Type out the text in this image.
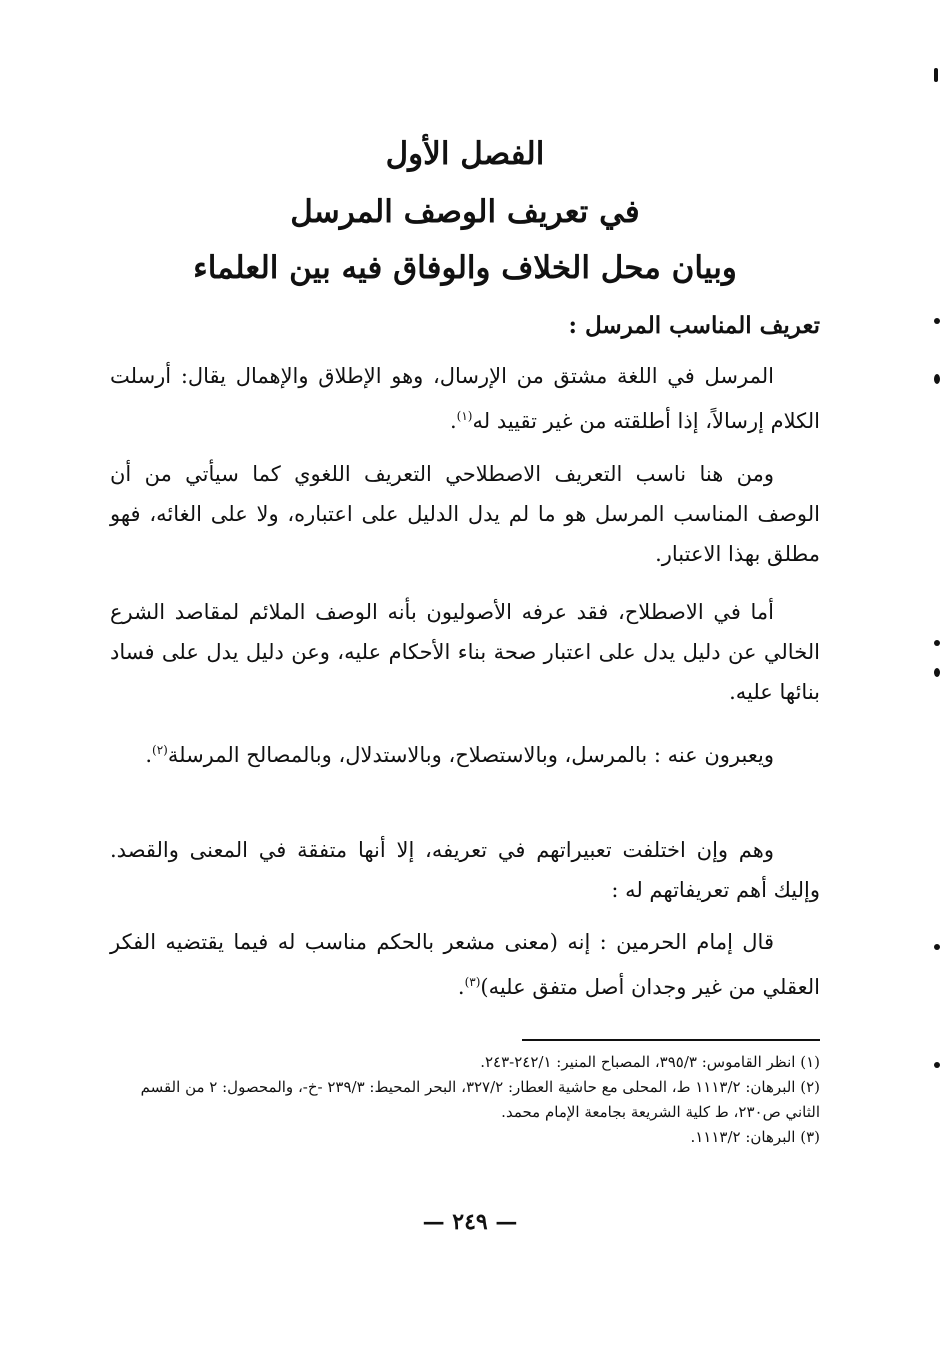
الفصل الأول
في تعريف الوصف المرسل
وبيان محل الخلاف والوفاق فيه بين العلماء
تعريف المناسب المرسل :
المرسل في اللغة مشتق من الإرسال، وهو الإطلاق والإهمال يقال: أرسلت الكلام إرسالاً، إذا أطلقته من غير تقييد له$^{(١)}$.
ومن هنا ناسب التعريف الاصطلاحي التعريف اللغوي كما سيأتي من أن الوصف المناسب المرسل هو ما لم يدل الدليل على اعتباره، ولا على الغائه، فهو مطلق بهذا الاعتبار.
أما في الاصطلاح، فقد عرفه الأصوليون بأنه الوصف الملائم لمقاصد الشرع الخالي عن دليل يدل على اعتبار صحة بناء الأحكام عليه، وعن دليل يدل على فساد بنائها عليه.
ويعبرون عنه : بالمرسل، وبالاستصلاح، وبالاستدلال، وبالمصالح المرسلة$^{(٢)}$.
وهم وإن اختلفت تعبيراتهم في تعريفه، إلا أنها متفقة في المعنى والقصد. وإليك أهم تعريفاتهم له :
قال إمام الحرمين : إنه (معنى مشعر بالحكم مناسب له فيما يقتضيه الفكر العقلي من غير وجدان أصل متفق عليه)$^{(٣)}$.
(١) انظر القاموس: ٣٩٥/٣، المصباح المنير: ٢٤٢/١-٢٤٣.
(٢) البرهان: ١١١٣/٢ ط، المحلى مع حاشية العطار: ٣٢٧/٢، البحر المحيط: ٢٣٩/٣ -خ-، والمحصول: ٢ من القسم الثاني ص٢٣٠، ط كلية الشريعة بجامعة الإمام محمد.
(٣) البرهان: ١١١٣/٢.
— ٢٤٩ —
